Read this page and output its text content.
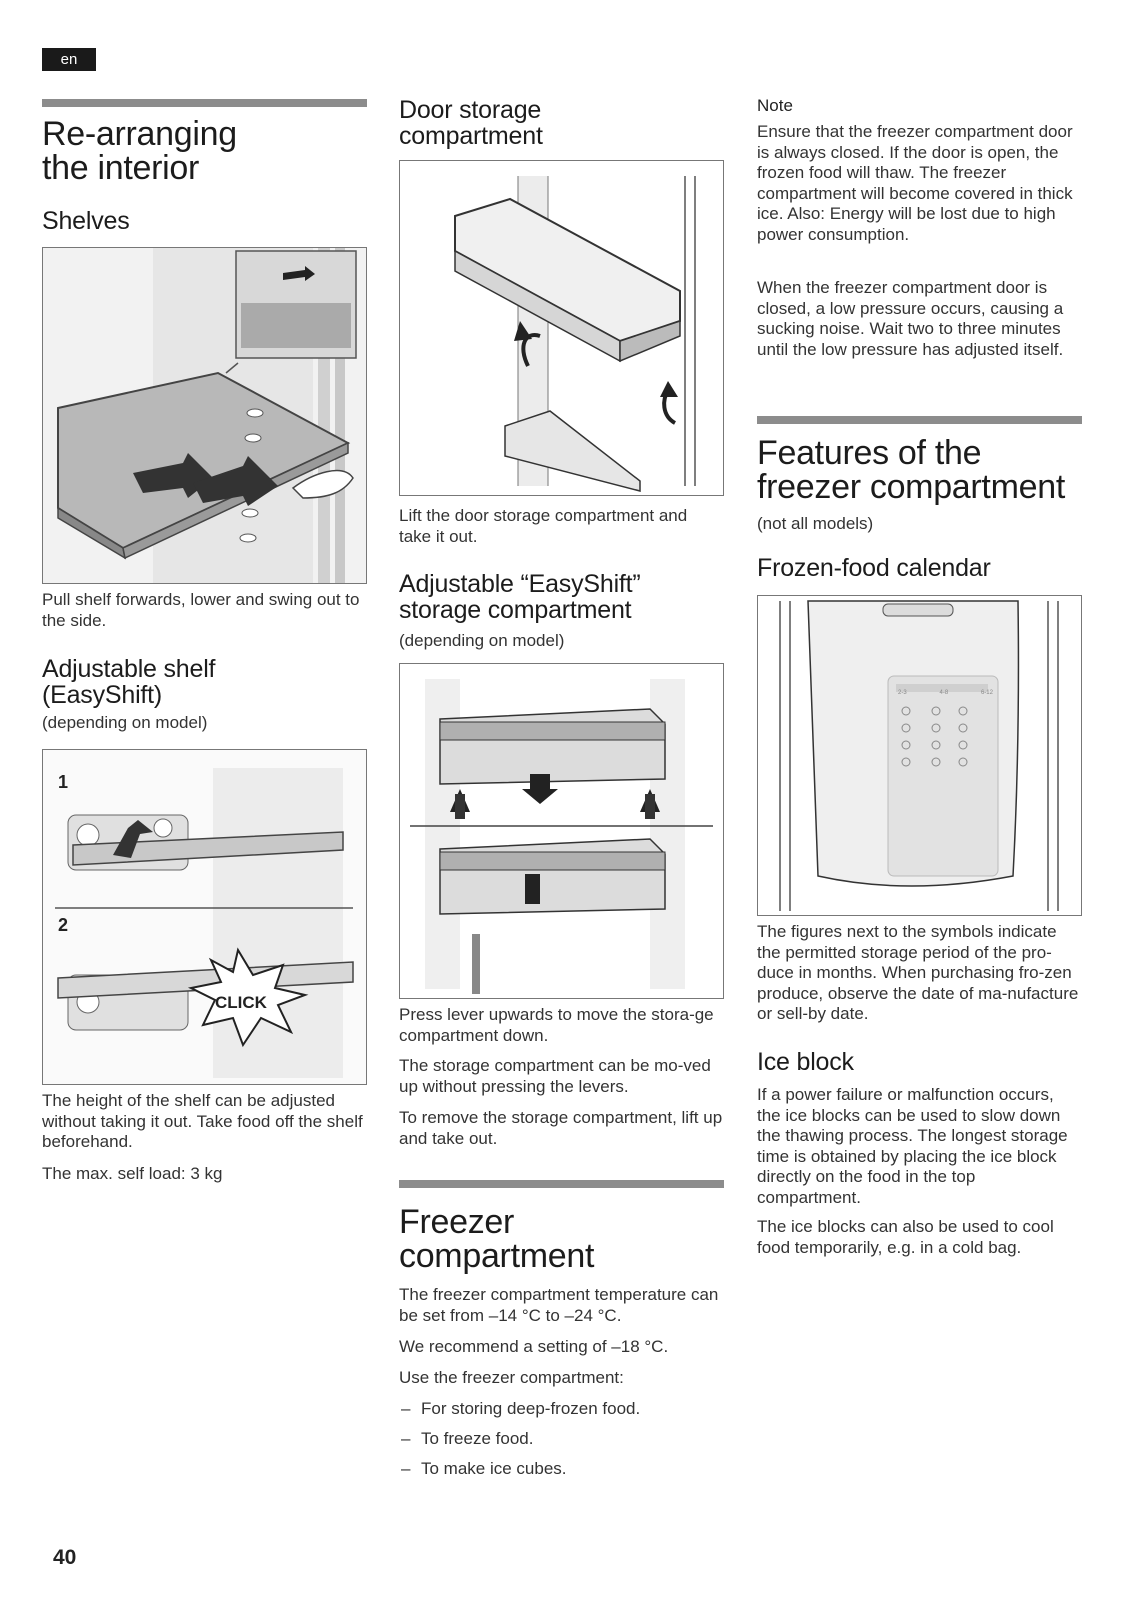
en
Re-arranging
the interior
Shelves

Pull shelf forwards, lower and swing out to the side.

Adjustable shelf (EasyShift)

(depending on model)

1
2
CLICK

The height of the shelf can be adjusted without taking it out. Take food off the shelf beforehand.

The max. self load: 3 kg

Door storage compartment

Lift the door storage compartment and take it out.

Adjustable “EasyShift” storage compartment

(depending on model)

Press lever upwards to move the stora-ge compartment down.

The storage compartment can be mo-ved up without pressing the levers.

To remove the storage compartment, lift up and take out.

Freezer compartment

The freezer compartment temperature can be set from –14 °C to –24 °C.

We recommend a setting of –18 °C.

Use the freezer compartment:

– For storing deep-frozen food.
– To freeze food.
– To make ice cubes.

Note

Ensure that the freezer compartment door is always closed. If the door is open, the frozen food will thaw. The freezer compartment will become covered in thick ice. Also: Energy will be lost due to high power consumption.

When the freezer compartment door is closed, a low pressure occurs, causing a sucking noise. Wait two to three minutes until the low pressure has adjusted itself.

Features of the freezer compartment

(not all models)

Frozen-food calendar
2-3	4-8	6-12

The figures next to the symbols indicate the permitted storage period of the pro-duce in months. When purchasing fro-zen produce, observe the date of ma-nufacture or sell-by date.

Ice block

If a power failure or malfunction occurs, the ice blocks can be used to slow down the thawing process. The longest storage time is obtained by placing the ice block directly on the food in the top compartment.

The ice blocks can also be used to cool food temporarily, e.g. in a cold bag.

40
